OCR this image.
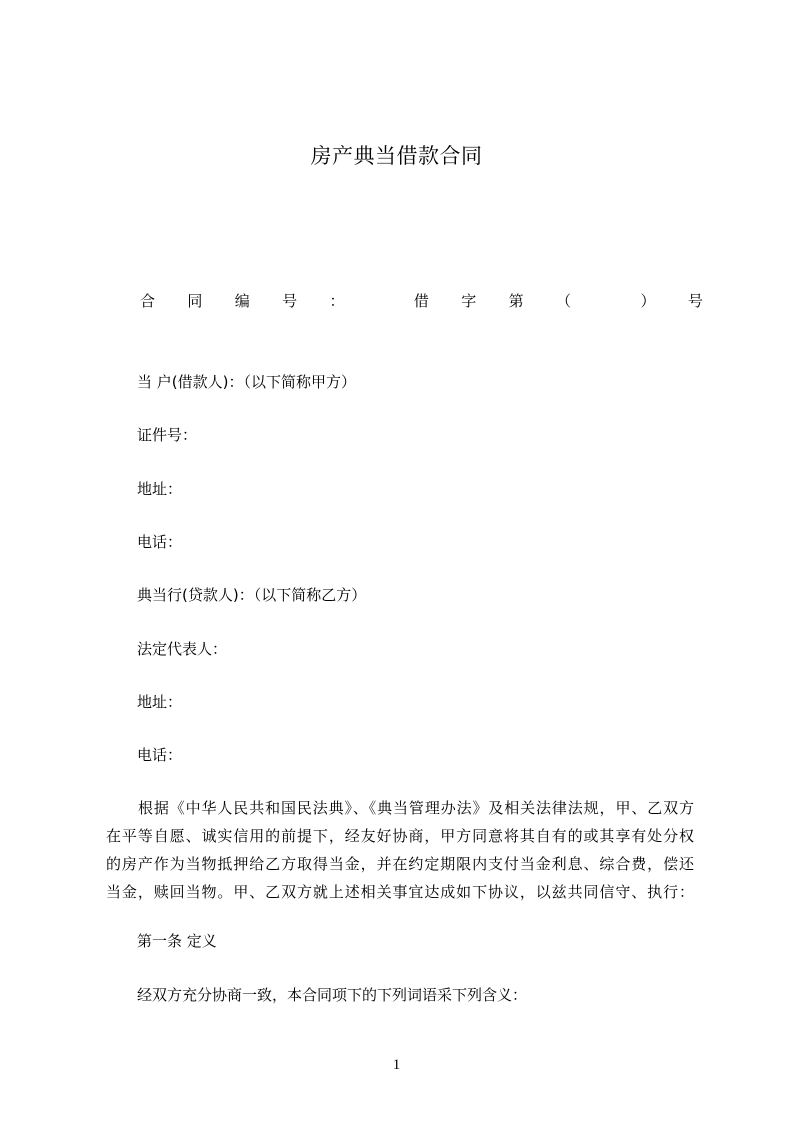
房产典当借款合同
合 同 编 号 ：
	借 字 第 （
	） 号
当 户(借款人)：（以下简称甲方）
证件号：
地址：
电话：
典当行(贷款人)：（以下简称乙方）
法定代表人：
地址：
电话：
根据《中华人民共和国民法典》、《典当管理办法》及相关法律法规，甲、乙双方
在平等自愿、诚实信用的前提下，经友好协商，甲方同意将其自有的或其享有处分权
的房产作为当物抵押给乙方取得当金，并在约定期限内支付当金利息、综合费，偿还
当金，赎回当物。甲、乙双方就上述相关事宜达成如下协议，以兹共同信守、执行：
第一条 定义
经双方充分协商一致，本合同项下的下列词语采下列含义：
1
